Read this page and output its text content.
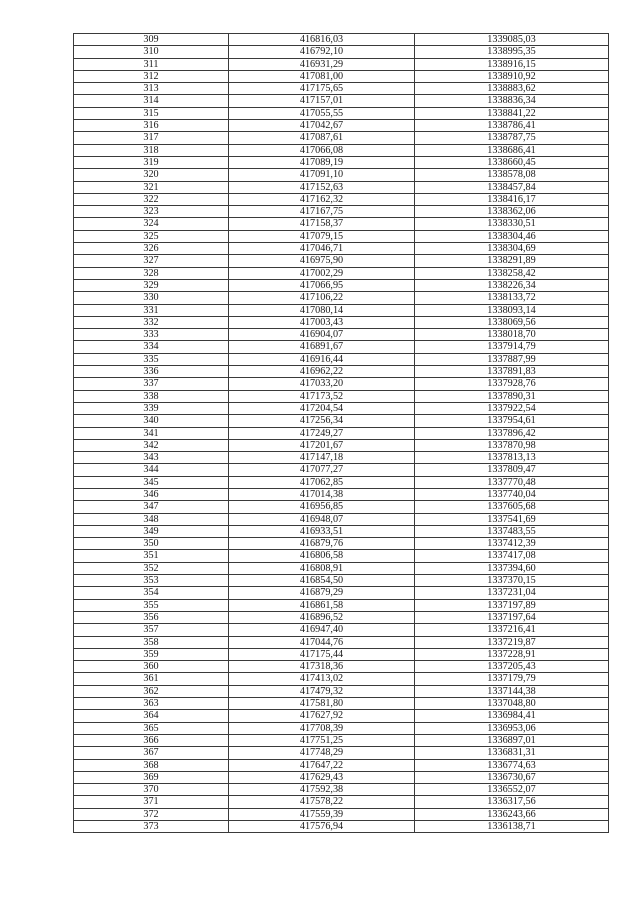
309	416816,03	1339085,03
310	416792,10	1338995,35
311	416931,29	1338916,15
312	417081,00	1338910,92
313	417175,65	1338883,62
314	417157,01	1338836,34
315	417055,55	1338841,22
316	417042,67	1338786,41
317	417087,61	1338787,75
318	417066,08	1338686,41
319	417089,19	1338660,45
320	417091,10	1338578,08
321	417152,63	1338457,84
322	417162,32	1338416,17
323	417167,75	1338362,06
324	417158,37	1338330,51
325	417079,15	1338304,46
326	417046,71	1338304,69
327	416975,90	1338291,89
328	417002,29	1338258,42
329	417066,95	1338226,34
330	417106,22	1338133,72
331	417080,14	1338093,14
332	417003,43	1338069,56
333	416904,07	1338018,70
334	416891,67	1337914,79
335	416916,44	1337887,99
336	416962,22	1337891,83
337	417033,20	1337928,76
338	417173,52	1337890,31
339	417204,54	1337922,54
340	417256,34	1337954,61
341	417249,27	1337896,42
342	417201,67	1337870,98
343	417147,18	1337813,13
344	417077,27	1337809,47
345	417062,85	1337770,48
346	417014,38	1337740,04
347	416956,85	1337605,68
348	416948,07	1337541,69
349	416933,51	1337483,55
350	416879,76	1337412,39
351	416806,58	1337417,08
352	416808,91	1337394,60
353	416854,50	1337370,15
354	416879,29	1337231,04
355	416861,58	1337197,89
356	416896,52	1337197,64
357	416947,40	1337216,41
358	417044,76	1337219,87
359	417175,44	1337228,91
360	417318,36	1337205,43
361	417413,02	1337179,79
362	417479,32	1337144,38
363	417581,80	1337048,80
364	417627,92	1336984,41
365	417708,39	1336953,06
366	417751,25	1336897,01
367	417748,29	1336831,31
368	417647,22	1336774,63
369	417629,43	1336730,67
370	417592,38	1336552,07
371	417578,22	1336317,56
372	417559,39	1336243,66
373	417576,94	1336138,71
